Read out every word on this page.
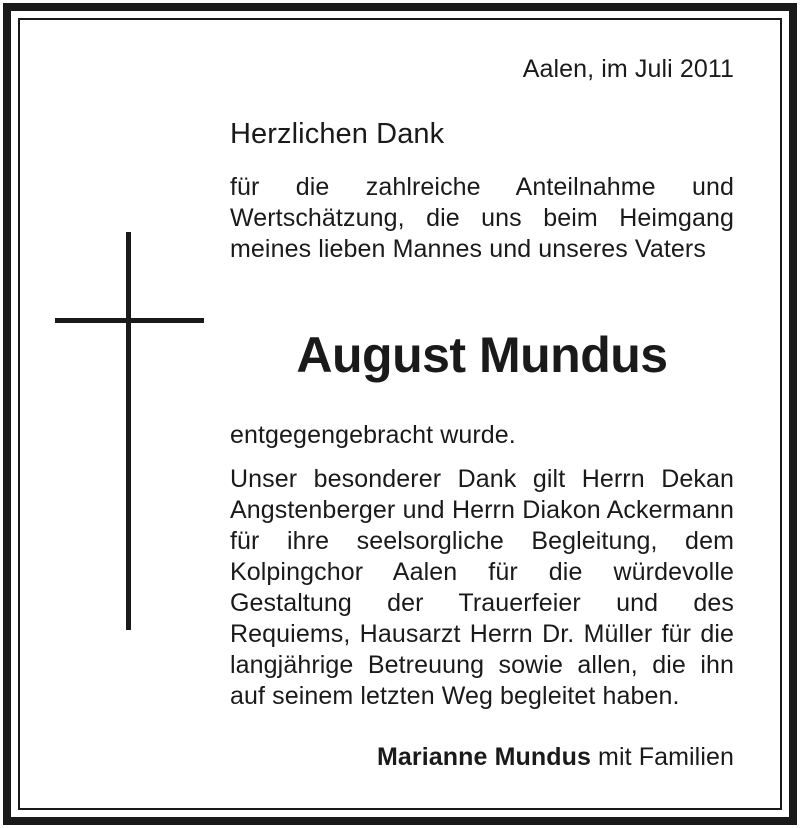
Aalen, im Juli 2011
Herzlichen Dank
für die zahlreiche Anteilnahme und Wertschätzung, die uns beim Heimgang meines lieben Mannes und unseres Vaters
August Mundus
entgegengebracht wurde.
Unser besonderer Dank gilt Herrn Dekan Angstenberger und Herrn Diakon Ackermann für ihre seelsorgliche Begleitung, dem Kolpingchor Aalen für die würdevolle Gestaltung der Trauerfeier und des Requiems, Hausarzt Herrn Dr. Müller für die langjährige Betreuung sowie allen, die ihn auf seinem letzten Weg begleitet haben.
Marianne Mundus mit Familien
